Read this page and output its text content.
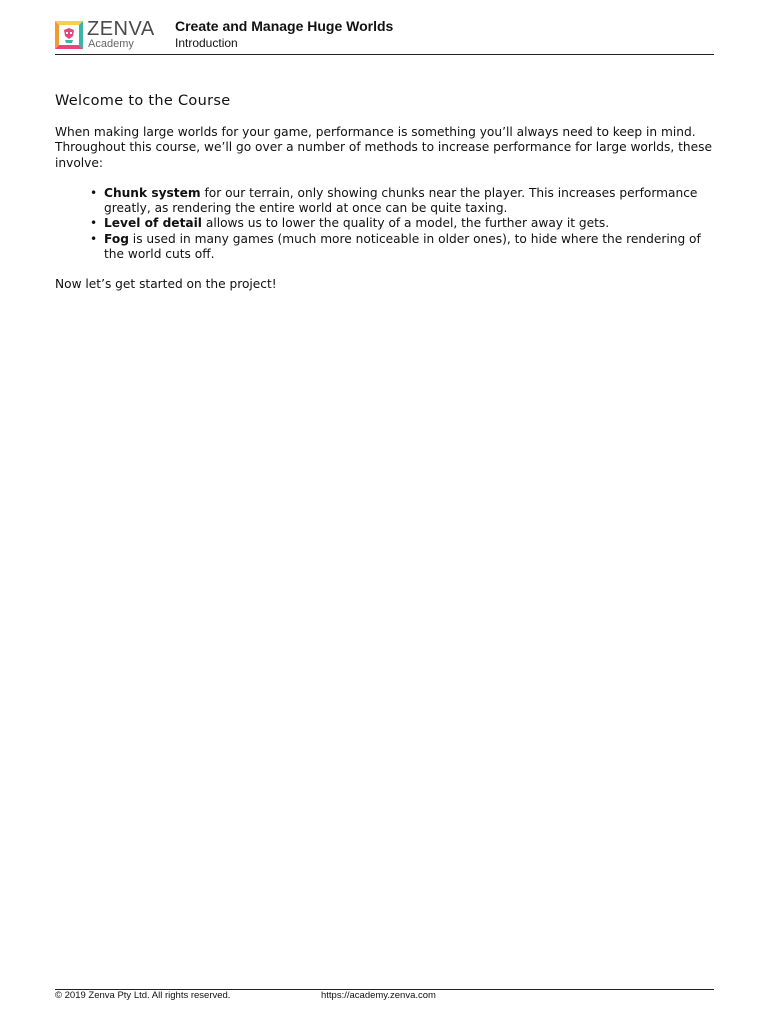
ZENVA
Academy
Create and Manage Huge Worlds
Introduction
Welcome to the Course

When making large worlds for your game, performance is something you’ll always need to keep in mind. Throughout this course, we’ll go over a number of methods to increase performance for large worlds, these involve:

• Chunk system for our terrain, only showing chunks near the player. This increases performance greatly, as rendering the entire world at once can be quite taxing.
• Level of detail allows us to lower the quality of a model, the further away it gets.
• Fog is used in many games (much more noticeable in older ones), to hide where the rendering of the world cuts off.

Now let’s get started on the project!

© 2019 Zenva Pty Ltd. All rights reserved.	https://academy.zenva.com
